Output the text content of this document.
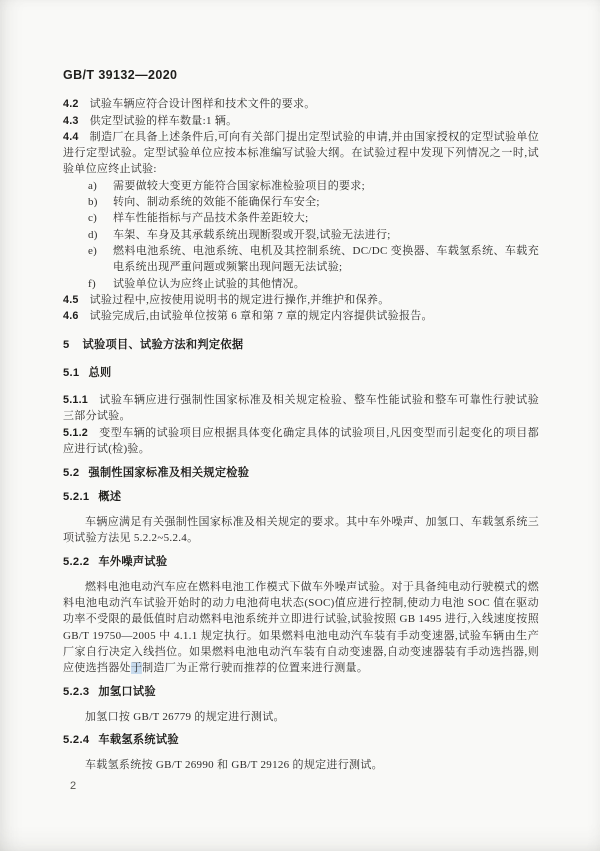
GB/T 39132—2020
4.2 试验车辆应符合设计图样和技术文件的要求。
4.3 供定型试验的样车数量:1 辆。
4.4 制造厂在具备上述条件后,可向有关部门提出定型试验的申请,并由国家授权的定型试验单位进行定型试验。定型试验单位应按本标准编写试验大纲。在试验过程中发现下列情况之一时,试验单位应终止试验:
a)	需要做较大变更方能符合国家标准检验项目的要求;
b)	转向、制动系统的效能不能确保行车安全;
c)	样车性能指标与产品技术条件差距较大;
d)	车架、车身及其承载系统出现断裂或开裂,试验无法进行;
e)	燃料电池系统、电池系统、电机及其控制系统、DC/DC 变换器、车载氢系统、车载充电系统出现严重问题或频繁出现问题无法试验;
f)	试验单位认为应终止试验的其他情况。
4.5 试验过程中,应按使用说明书的规定进行操作,并维护和保养。
4.6 试验完成后,由试验单位按第 6 章和第 7 章的规定内容提供试验报告。
5 试验项目、试验方法和判定依据
5.1 总则
5.1.1 试验车辆应进行强制性国家标准及相关规定检验、整车性能试验和整车可靠性行驶试验三部分试验。
5.1.2 变型车辆的试验项目应根据具体变化确定具体的试验项目,凡因变型而引起变化的项目都应进行试(检)验。
5.2 强制性国家标准及相关规定检验
5.2.1 概述

车辆应满足有关强制性国家标准及相关规定的要求。其中车外噪声、加氢口、车载氢系统三项试验方法见 5.2.2~5.2.4。

5.2.2 车外噪声试验

燃料电池电动汽车应在燃料电池工作模式下做车外噪声试验。对于具备纯电动行驶模式的燃料电池电动汽车试验开始时的动力电池荷电状态(SOC)值应进行控制,使动力电池 SOC 值在驱动功率不受限的最低值时启动燃料电池系统并立即进行试验,试验按照 GB 1495 进行,入线速度按照 GB/T 19750—2005 中 4.1.1 规定执行。如果燃料电池电动汽车装有手动变速器,试验车辆由生产厂家自行决定入线挡位。如果燃料电池电动汽车装有自动变速器,自动变速器装有手动选挡器,则应使选挡器处于制造厂为正常行驶而推荐的位置来进行测量。

5.2.3 加氢口试验

加氢口按 GB/T 26779 的规定进行测试。

5.2.4 车载氢系统试验

车载氢系统按 GB/T 26990 和 GB/T 29126 的规定进行测试。

2
